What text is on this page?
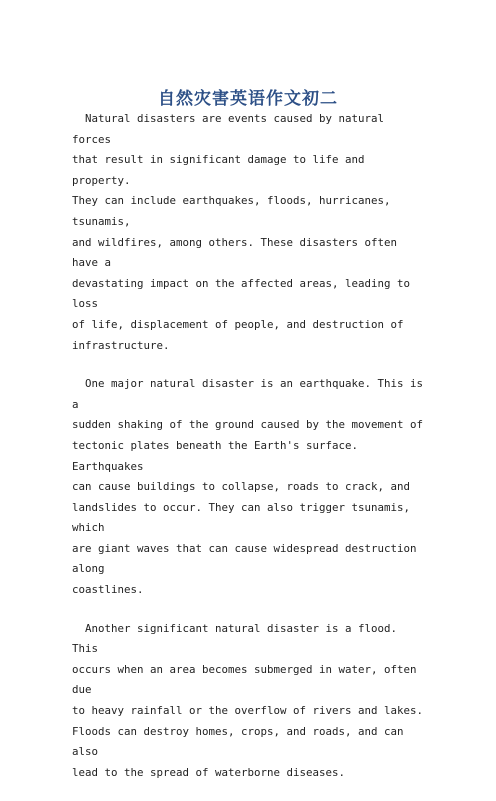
自然灾害英语作文初二

Natural disasters are events caused by natural forces
that result in significant damage to life and property.
They can include earthquakes, floods, hurricanes, tsunamis,
and wildfires, among others. These disasters often have a
devastating impact on the affected areas, leading to loss
of life, displacement of people, and destruction of
infrastructure.

One major natural disaster is an earthquake. This is a
sudden shaking of the ground caused by the movement of
tectonic plates beneath the Earth's surface. Earthquakes
can cause buildings to collapse, roads to crack, and
landslides to occur. They can also trigger tsunamis, which
are giant waves that can cause widespread destruction along
coastlines.

Another significant natural disaster is a flood. This
occurs when an area becomes submerged in water, often due
to heavy rainfall or the overflow of rivers and lakes.
Floods can destroy homes, crops, and roads, and can also
lead to the spread of waterborne diseases.
